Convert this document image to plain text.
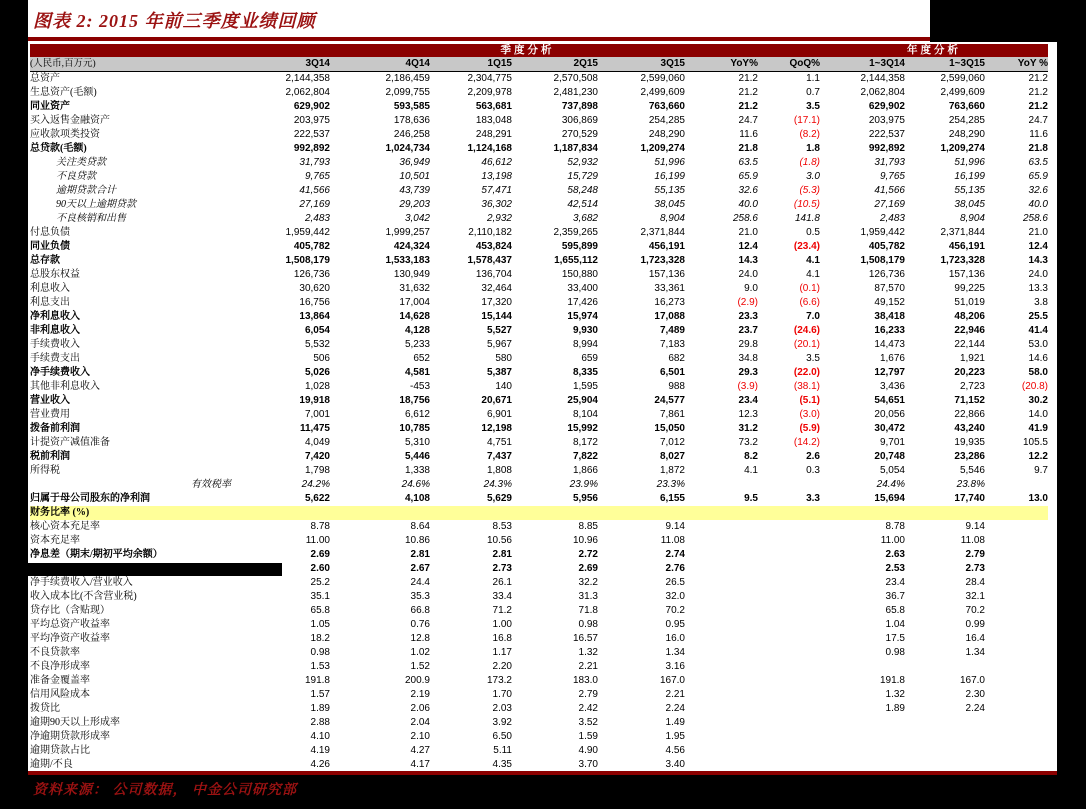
图表 2: 2015 年前三季度业绩回顾
季度分析 年度分析										

(人民币,百万元)	3Q14	4Q14	1Q15	2Q15	3Q15	YoY%	QoQ%	1~3Q14	1~3Q15	YoY %
总资产	2,144,358	2,186,459	2,304,775	2,570,508	2,599,060	21.2	1.1	2,144,358	2,599,060	21.2
生息资产(毛额)	2,062,804	2,099,755	2,209,978	2,481,230	2,499,609	21.2	0.7	2,062,804	2,499,609	21.2
同业资产	629,902	593,585	563,681	737,898	763,660	21.2	3.5	629,902	763,660	21.2
买入返售金融资产	203,975	178,636	183,048	306,869	254,285	24.7	(17.1)	203,975	254,285	24.7
应收款项类投资	222,537	246,258	248,291	270,529	248,290	11.6	(8.2)	222,537	248,290	11.6
总贷款(毛额)	992,892	1,024,734	1,124,168	1,187,834	1,209,274	21.8	1.8	992,892	1,209,274	21.8
关注类贷款	31,793	36,949	46,612	52,932	51,996	63.5	(1.8)	31,793	51,996	63.5
不良贷款	9,765	10,501	13,198	15,729	16,199	65.9	3.0	9,765	16,199	65.9
逾期贷款合计	41,566	43,739	57,471	58,248	55,135	32.6	(5.3)	41,566	55,135	32.6
90天以上逾期贷款	27,169	29,203	36,302	42,514	38,045	40.0	(10.5)	27,169	38,045	40.0
不良核销和出售	2,483	3,042	2,932	3,682	8,904	258.6	141.8	2,483	8,904	258.6
付息负债	1,959,442	1,999,257	2,110,182	2,359,265	2,371,844	21.0	0.5	1,959,442	2,371,844	21.0
同业负债	405,782	424,324	453,824	595,899	456,191	12.4	(23.4)	405,782	456,191	12.4
总存款	1,508,179	1,533,183	1,578,437	1,655,112	1,723,328	14.3	4.1	1,508,179	1,723,328	14.3
总股东权益	126,736	130,949	136,704	150,880	157,136	24.0	4.1	126,736	157,136	24.0
利息收入	30,620	31,632	32,464	33,400	33,361	9.0	(0.1)	87,570	99,225	13.3
利息支出	16,756	17,004	17,320	17,426	16,273	(2.9)	(6.6)	49,152	51,019	3.8
净利息收入	13,864	14,628	15,144	15,974	17,088	23.3	7.0	38,418	48,206	25.5
非利息收入	6,054	4,128	5,527	9,930	7,489	23.7	(24.6)	16,233	22,946	41.4
手续费收入	5,532	5,233	5,967	8,994	7,183	29.8	(20.1)	14,473	22,144	53.0
手续费支出	506	652	580	659	682	34.8	3.5	1,676	1,921	14.6
净手续费收入	5,026	4,581	5,387	8,335	6,501	29.3	(22.0)	12,797	20,223	58.0
其他非利息收入	1,028	-453	140	1,595	988	(3.9)	(38.1)	3,436	2,723	(20.8)
营业收入	19,918	18,756	20,671	25,904	24,577	23.4	(5.1)	54,651	71,152	30.2
营业费用	7,001	6,612	6,901	8,104	7,861	12.3	(3.0)	20,056	22,866	14.0
拨备前利润	11,475	10,785	12,198	15,992	15,050	31.2	(5.9)	30,472	43,240	41.9
计提资产减值准备	4,049	5,310	4,751	8,172	7,012	73.2	(14.2)	9,701	19,935	105.5
税前利润	7,420	5,446	7,437	7,822	8,027	8.2	2.6	20,748	23,286	12.2
所得税	1,798	1,338	1,808	1,866	1,872	4.1	0.3	5,054	5,546	9.7
有效税率	24.2%	24.6%	24.3%	23.9%	23.3%			24.4%	23.8%	
归属于母公司股东的净利润	5,622	4,108	5,629	5,956	6,155	9.5	3.3	15,694	17,740	13.0
财务比率 (%)										
核心资本充足率	8.78	8.64	8.53	8.85	9.14			8.78	9.14	
资本充足率	11.00	10.86	10.56	10.96	11.08			11.00	11.08	
净息差（期末/期初平均余额）	2.69	2.81	2.81	2.72	2.74			2.63	2.79	

	2.60	2.67	2.73	2.69	2.76			2.53	2.73	
净手续费收入/营业收入	25.2	24.4	26.1	32.2	26.5			23.4	28.4	
收入成本比(不含营业税)	35.1	35.3	33.4	31.3	32.0			36.7	32.1	
贷存比（含贴现）	65.8	66.8	71.2	71.8	70.2			65.8	70.2	
平均总资产收益率	1.05	0.76	1.00	0.98	0.95			1.04	0.99	
平均净资产收益率	18.2	12.8	16.8	16.57	16.0			17.5	16.4	
不良贷款率	0.98	1.02	1.17	1.32	1.34			0.98	1.34	
不良净形成率	1.53	1.52	2.20	2.21	3.16					
准备金覆盖率	191.8	200.9	173.2	183.0	167.0			191.8	167.0	
信用风险成本	1.57	2.19	1.70	2.79	2.21			1.32	2.30	
拨贷比	1.89	2.06	2.03	2.42	2.24			1.89	2.24	
逾期90天以上形成率	2.88	2.04	3.92	3.52	1.49					
净逾期贷款形成率	4.10	2.10	6.50	1.59	1.95					
逾期贷款占比	4.19	4.27	5.11	4.90	4.56					
逾期/不良	4.26	4.17	4.35	3.70	3.40					
资料来源： 公司数据， 中金公司研究部
